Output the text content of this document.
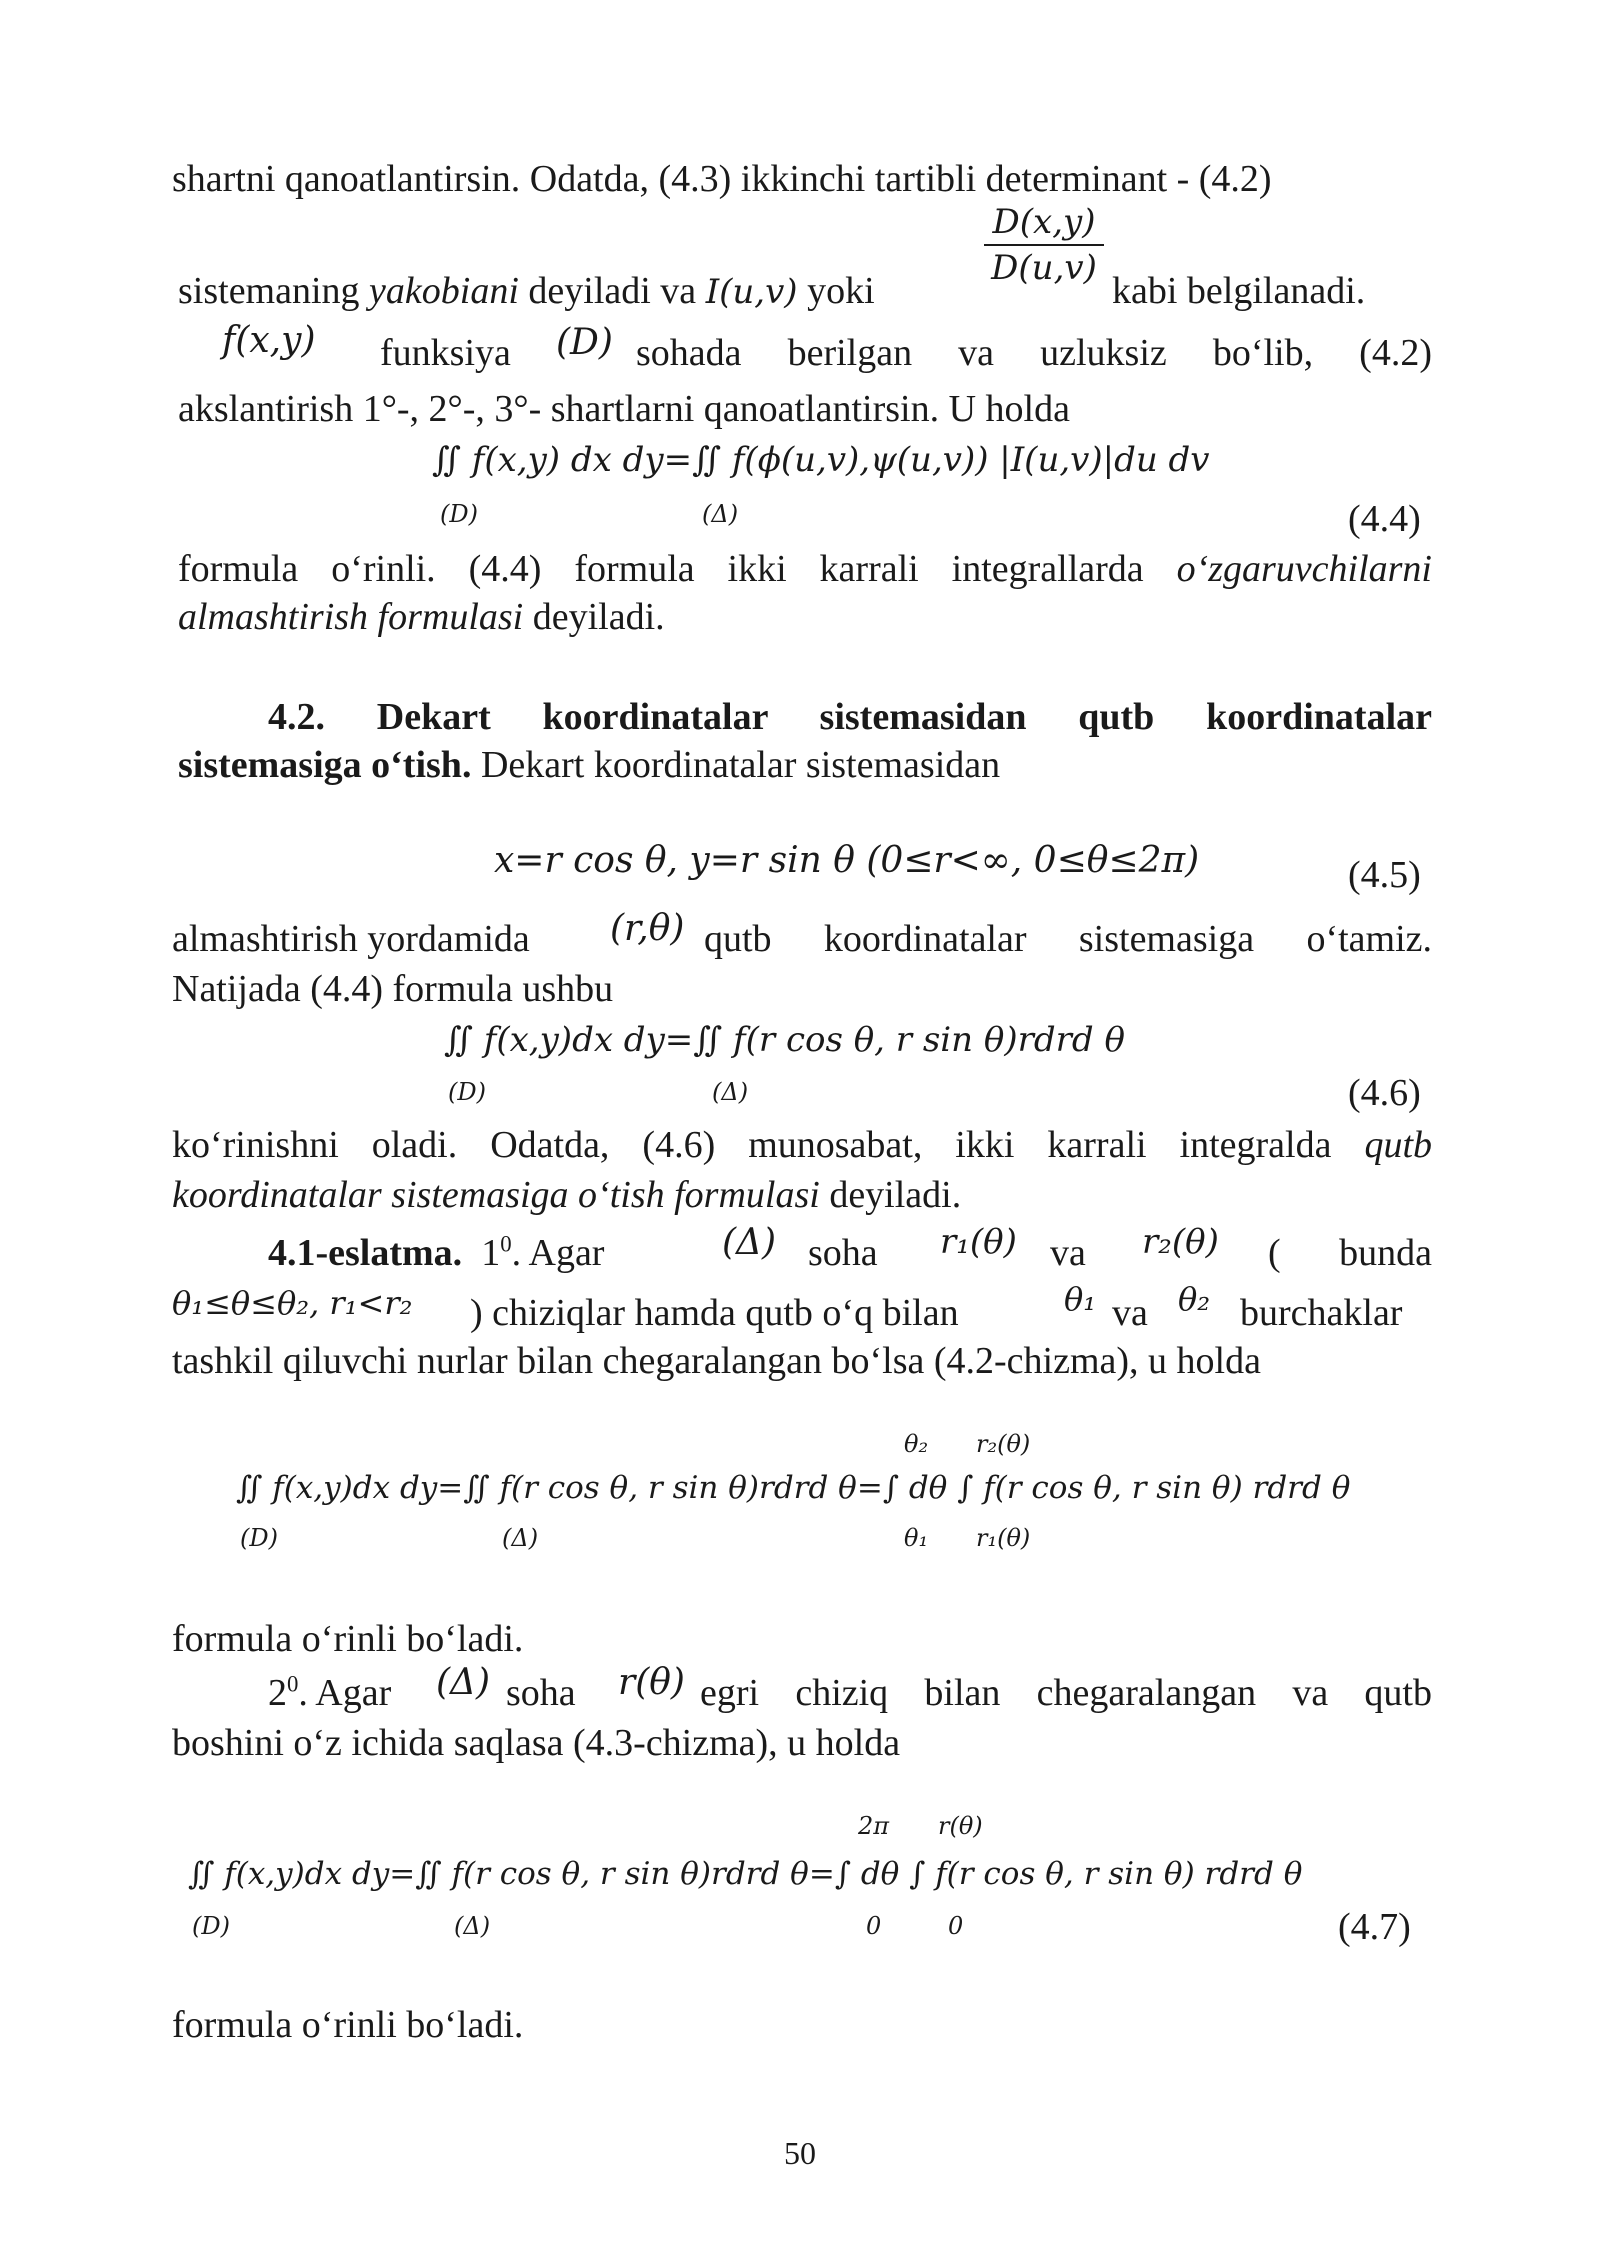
shartni qanoatlantirsin. Odatda, (4.3) ikkinchi tartibli determinant - (4.2)
$\frac{D(x,y)}{D(u,v)}$
sistemaning yakobiani deyiladi va I(u,v) yoki	kabi belgilanadi.
f(x,y) funksiya (D) sohada berilgan va uzluksiz bo‘lib, (4.2)
akslantirish 1°-, 2°-, 3°- shartlarni qanoatlantirsin. U holda
∬ f(x,y) dx dy=∬ f(ϕ(u,v),ψ(u,v)) |I(u,v)|du dv
(D)	(Δ)	(4.4)
formula o‘rinli. (4.4) formula ikki karrali integrallarda o‘zgaruvchilarni
almashtirish formulasi deyiladi.
4.2. Dekart koordinatalar sistemasidan qutb koordinatalar
sistemasiga o‘tish. Dekart koordinatalar sistemasidan
x=r cos θ, y=r sin θ (0≤r<∞, 0≤θ≤2π)	(4.5)
almashtirish yordamida (r,θ) qutb koordinatalar sistemasiga o‘tamiz.
Natijada (4.4) formula ushbu
∬ f(x,y)dx dy=∬ f(r cos θ, r sin θ)rdrd θ
(D)	(Δ)	(4.6)
ko‘rinishni oladi. Odatda, (4.6) munosabat, ikki karrali integralda qutb
koordinatalar sistemasiga o‘tish formulasi deyiladi.
4.1-eslatma. $1^0$. Agar	(Δ) soha r₁(θ) va r₂(θ) ( bunda
θ₁≤θ≤θ₂, r₁<r₂ ) chiziqlar hamda qutb o‘q bilan	θ₁ va θ₂ burchaklar
tashkil qiluvchi nurlar bilan chegaralangan bo‘lsa (4.2-chizma), u holda
θ₂ r₂(θ)
∬ f(x,y)dx dy=∬ f(r cos θ, r sin θ)rdrd θ=∫ dθ ∫ f(r cos θ, r sin θ) rdrd θ
(D)	(Δ)	θ₁ r₁(θ)
formula o‘rinli bo‘ladi.
$2^0$. Agar (Δ) soha r(θ) egri chiziq bilan chegaralangan va qutb
boshini o‘z ichida saqlasa (4.3-chizma), u holda
2π r(θ)
∬ f(x,y)dx dy=∬ f(r cos θ, r sin θ)rdrd θ=∫ dθ ∫ f(r cos θ, r sin θ) rdrd θ
(D)	(Δ)	0	0	(4.7)
formula o‘rinli bo‘ladi.
50
